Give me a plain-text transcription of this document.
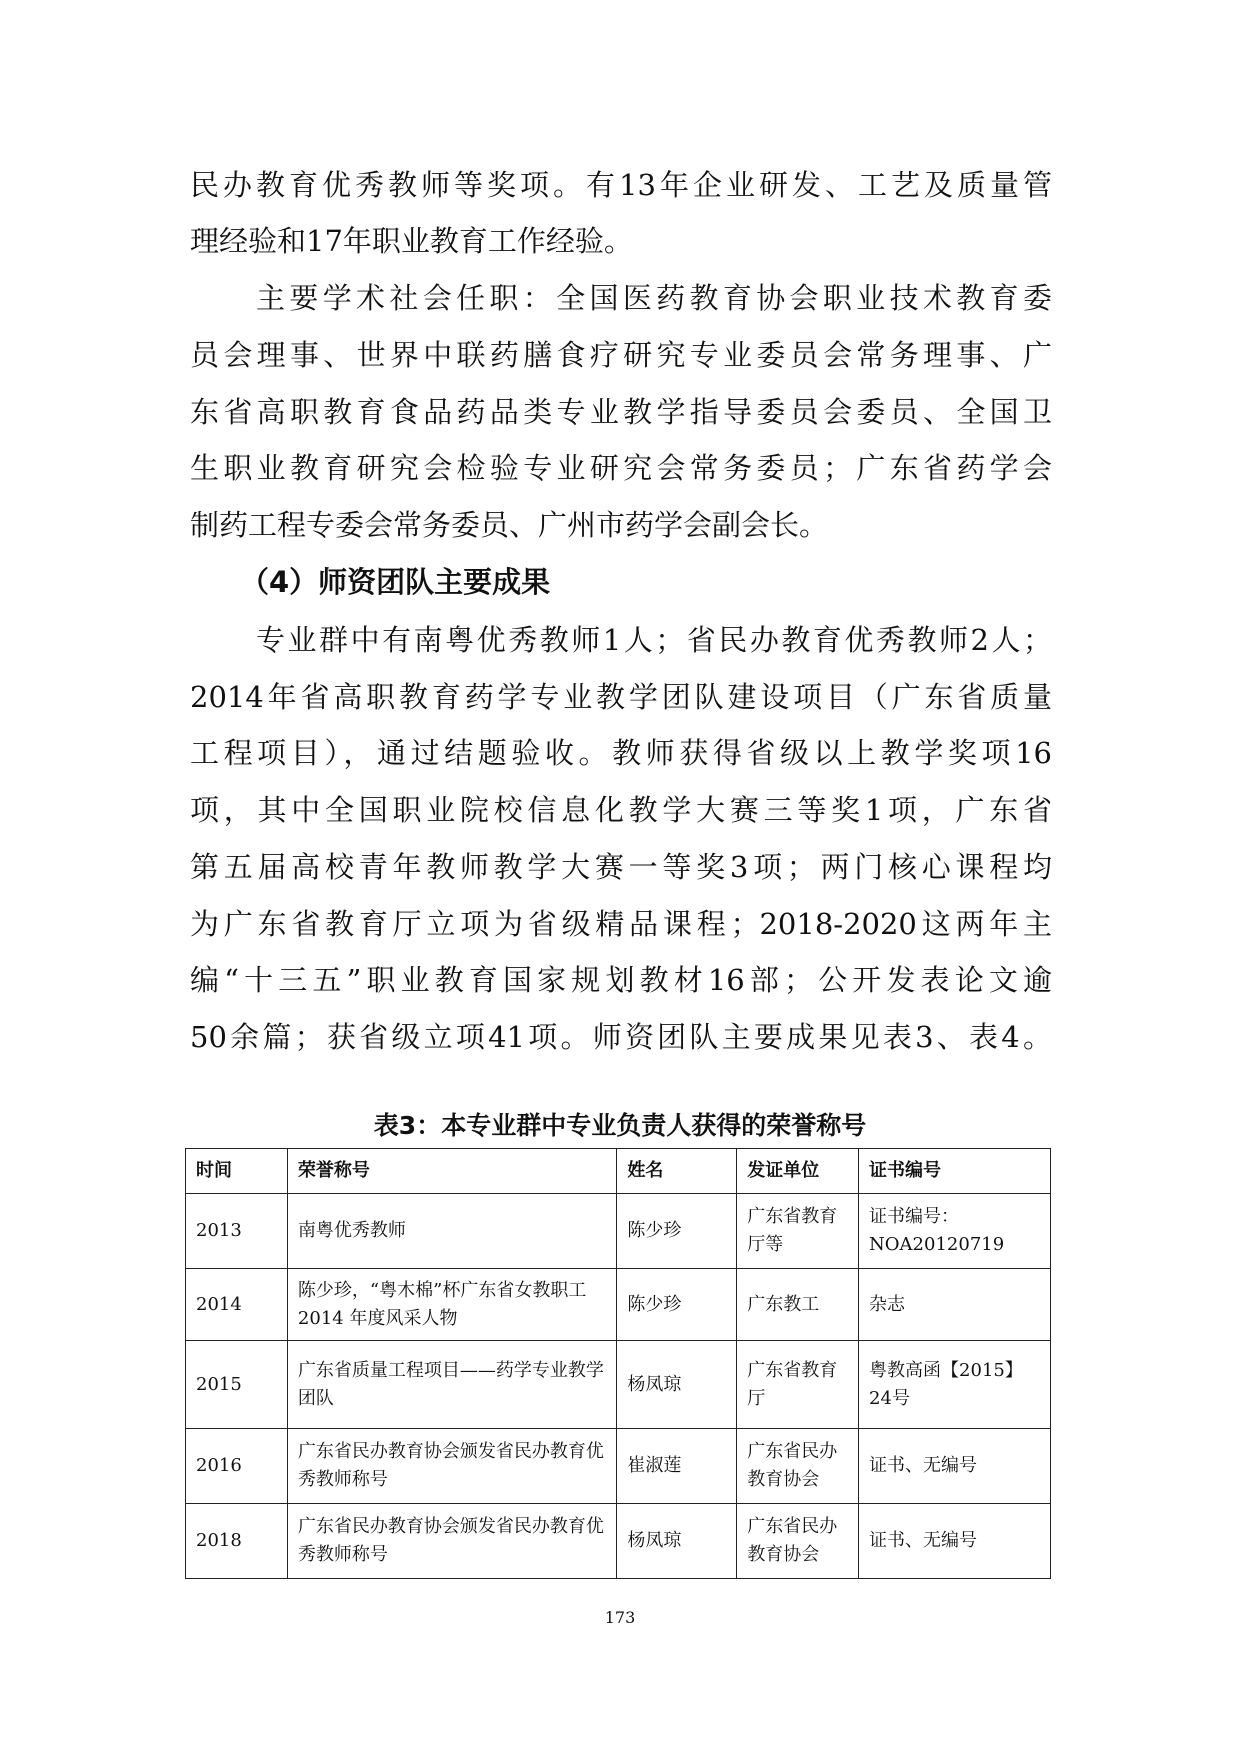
民办教育优秀教师等奖项。有13年企业研发、工艺及质量管
理经验和17年职业教育工作经验。
主要学术社会任职：全国医药教育协会职业技术教育委
员会理事、世界中联药膳食疗研究专业委员会常务理事、广
东省高职教育食品药品类专业教学指导委员会委员、全国卫
生职业教育研究会检验专业研究会常务委员；广东省药学会
制药工程专委会常务委员、广州市药学会副会长。
（4）师资团队主要成果
专业群中有南粤优秀教师1人；省民办教育优秀教师2人；
2014年省高职教育药学专业教学团队建设项目（广东省质量
工程项目），通过结题验收。教师获得省级以上教学奖项16
项，其中全国职业院校信息化教学大赛三等奖1项，广东省
第五届高校青年教师教学大赛一等奖3项；两门核心课程均
为广东省教育厅立项为省级精品课程；2018-2020这两年主
编“十三五”职业教育国家规划教材16部；公开发表论文逾
50余篇；获省级立项41项。师资团队主要成果见表3、表4。
表3：本专业群中专业负责人获得的荣誉称号
时间	荣誉称号	姓名	发证单位	证书编号
2013	南粤优秀教师	陈少珍	广东省教育厅等	证书编号：NOA20120719
2014	陈少珍，“粤木棉”杯广东省女教职工 2014 年度风采人物	陈少珍	广东教工	杂志
2015	广东省质量工程项目——药学专业教学团队	杨凤琼	广东省教育厅	粤教高函【2015】24号
2016	广东省民办教育协会颁发省民办教育优秀教师称号	崔淑莲	广东省民办教育协会	证书、无编号
2018	广东省民办教育协会颁发省民办教育优秀教师称号	杨凤琼	广东省民办教育协会	证书、无编号
173
